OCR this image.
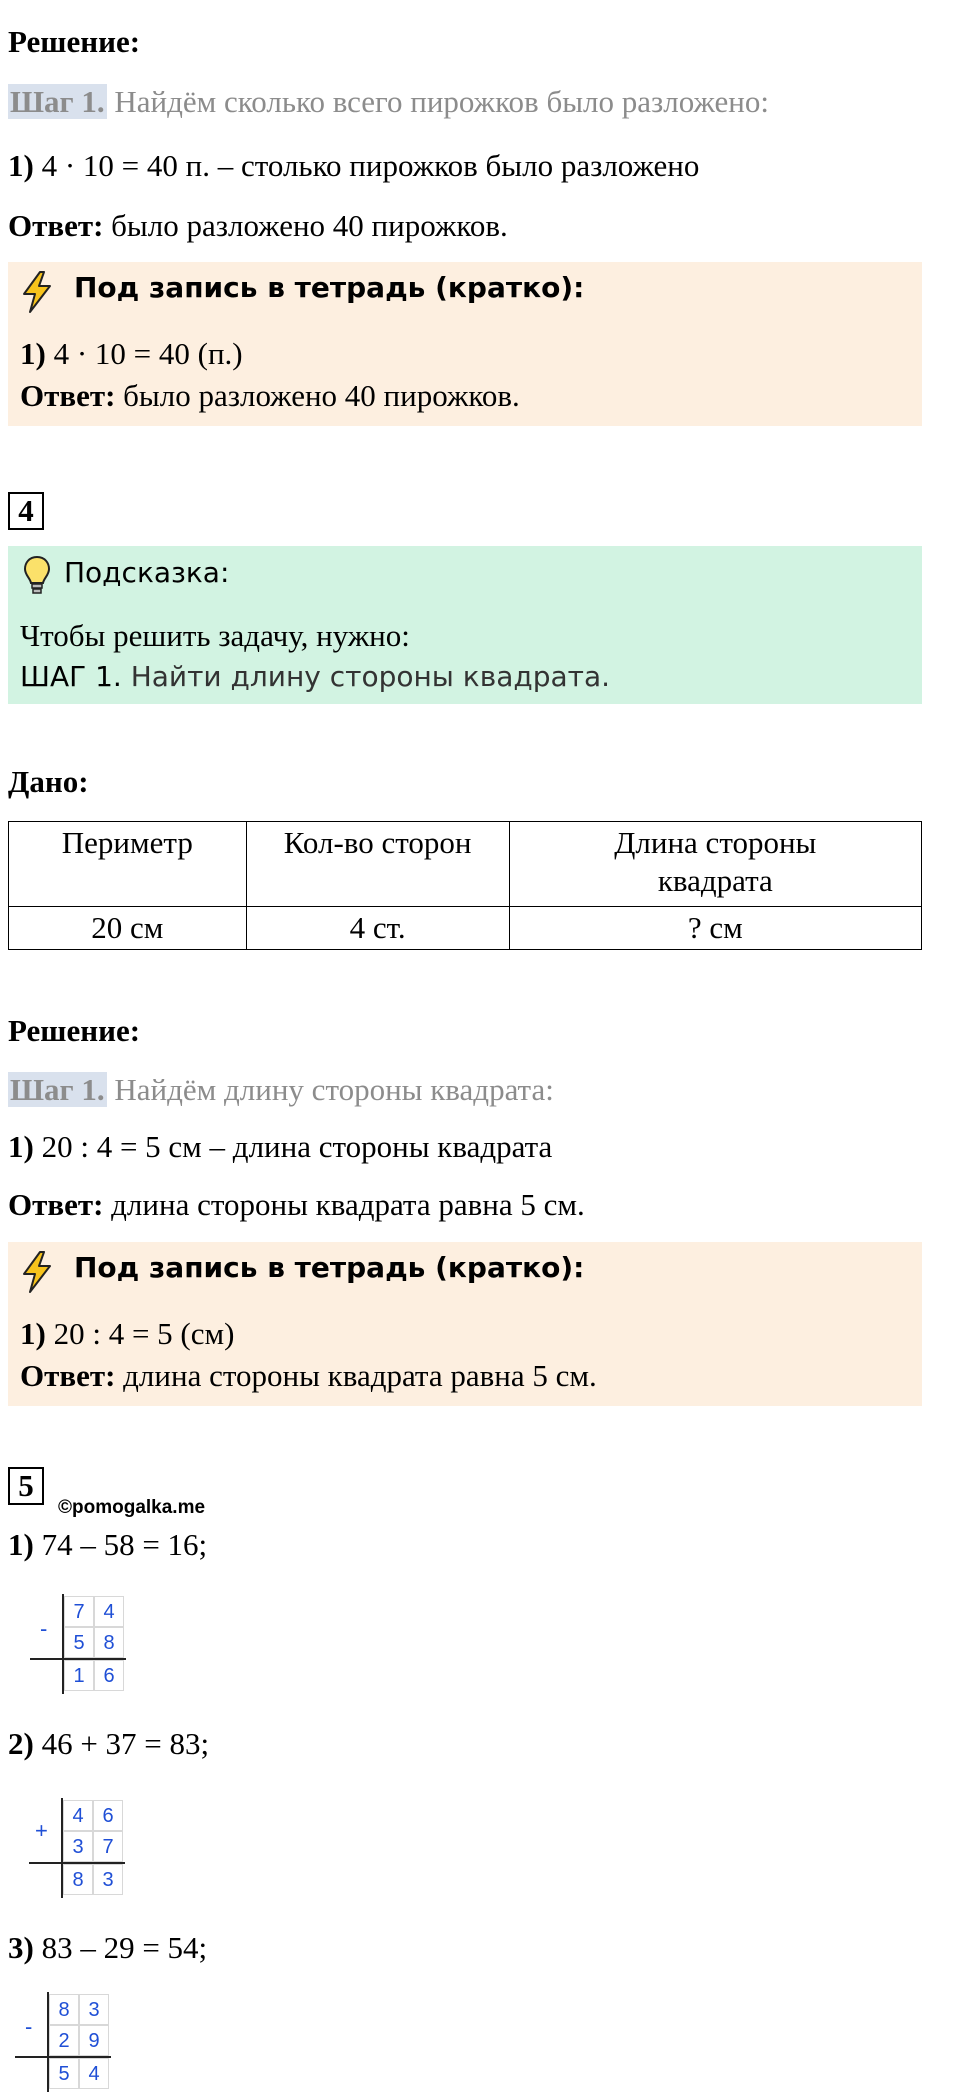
Решение:
Шаг 1. Найдём сколько всего пирожков было разложено:
1) 4 · 10 = 40 п. – столько пирожков было разложено
Ответ: было разложено 40 пирожков.
Под запись в тетрадь (кратко):
1) 4 · 10 = 40 (п.)
Ответ: было разложено 40 пирожков.
4
Подсказка:
Чтобы решить задачу, нужно:
ШАГ 1. Найти длину стороны квадрата.
Дано:
Периметр	Кол-во сторон	Длина стороны квадрата
20 см	4 ст.	? см
Решение:
Шаг 1. Найдём длину стороны квадрата:
1) 20 : 4 = 5 см – длина стороны квадрата
Ответ: длина стороны квадрата равна 5 см.
Под запись в тетрадь (кратко):
1) 20 : 4 = 5 (см)
Ответ: длина стороны квадрата равна 5 см.
5
©pomogalka.me
1) 74 – 58 = 16;
-
7 4
5 8
1 6
2) 46 + 37 = 83;
+
4 6
3 7
8 3
3) 83 – 29 = 54;
-
8 3
2 9
5 4
